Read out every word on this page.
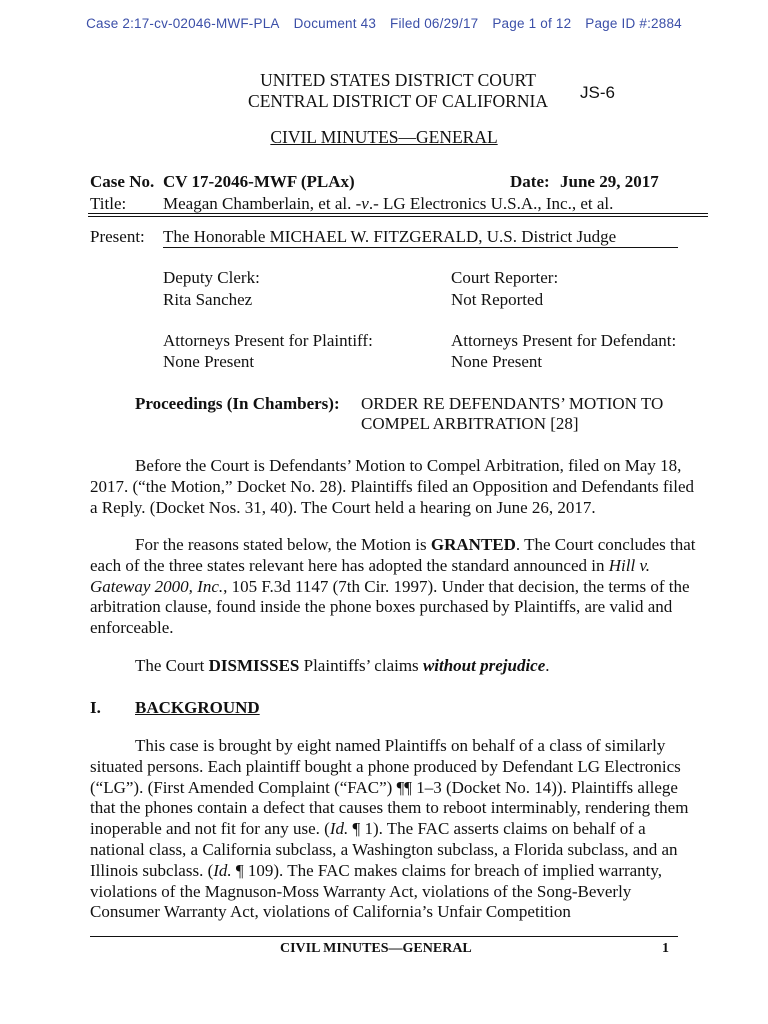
Case 2:17-cv-02046-MWF-PLA Document 43 Filed 06/29/17 Page 1 of 12 Page ID #:2884
UNITED STATES DISTRICT COURT
CENTRAL DISTRICT OF CALIFORNIA	JS-6
CIVIL MINUTES—GENERAL
Case No. CV 17-2046-MWF (PLAx)	Date: June 29, 2017
Title: Meagan Chamberlain, et al. -v.- LG Electronics U.S.A., Inc., et al.
Present: The Honorable MICHAEL W. FITZGERALD, U.S. District Judge
Deputy Clerk:
Rita Sanchez
Court Reporter:
Not Reported
Attorneys Present for Plaintiff:
None Present
Attorneys Present for Defendant:
None Present
Proceedings (In Chambers): ORDER RE DEFENDANTS’ MOTION TO
COMPEL ARBITRATION [28]

Before the Court is Defendants’ Motion to Compel Arbitration, filed on May 18, 2017. (“the Motion,” Docket No. 28). Plaintiffs filed an Opposition and Defendants filed a Reply. (Docket Nos. 31, 40). The Court held a hearing on June 26, 2017.

For the reasons stated below, the Motion is GRANTED. The Court concludes that each of the three states relevant here has adopted the standard announced in Hill v. Gateway 2000, Inc., 105 F.3d 1147 (7th Cir. 1997). Under that decision, the terms of the arbitration clause, found inside the phone boxes purchased by Plaintiffs, are valid and enforceable.

The Court DISMISSES Plaintiffs’ claims without prejudice.

I. BACKGROUND

This case is brought by eight named Plaintiffs on behalf of a class of similarly situated persons. Each plaintiff bought a phone produced by Defendant LG Electronics (“LG”). (First Amended Complaint (“FAC”) ¶¶ 1–3 (Docket No. 14)). Plaintiffs allege that the phones contain a defect that causes them to reboot interminably, rendering them inoperable and not fit for any use. (Id. ¶ 1). The FAC asserts claims on behalf of a national class, a California subclass, a Washington subclass, a Florida subclass, and an Illinois subclass. (Id. ¶ 109). The FAC makes claims for breach of implied warranty, violations of the Magnuson-Moss Warranty Act, violations of the Song-Beverly Consumer Warranty Act, violations of California’s Unfair Competition

CIVIL MINUTES—GENERAL	1
